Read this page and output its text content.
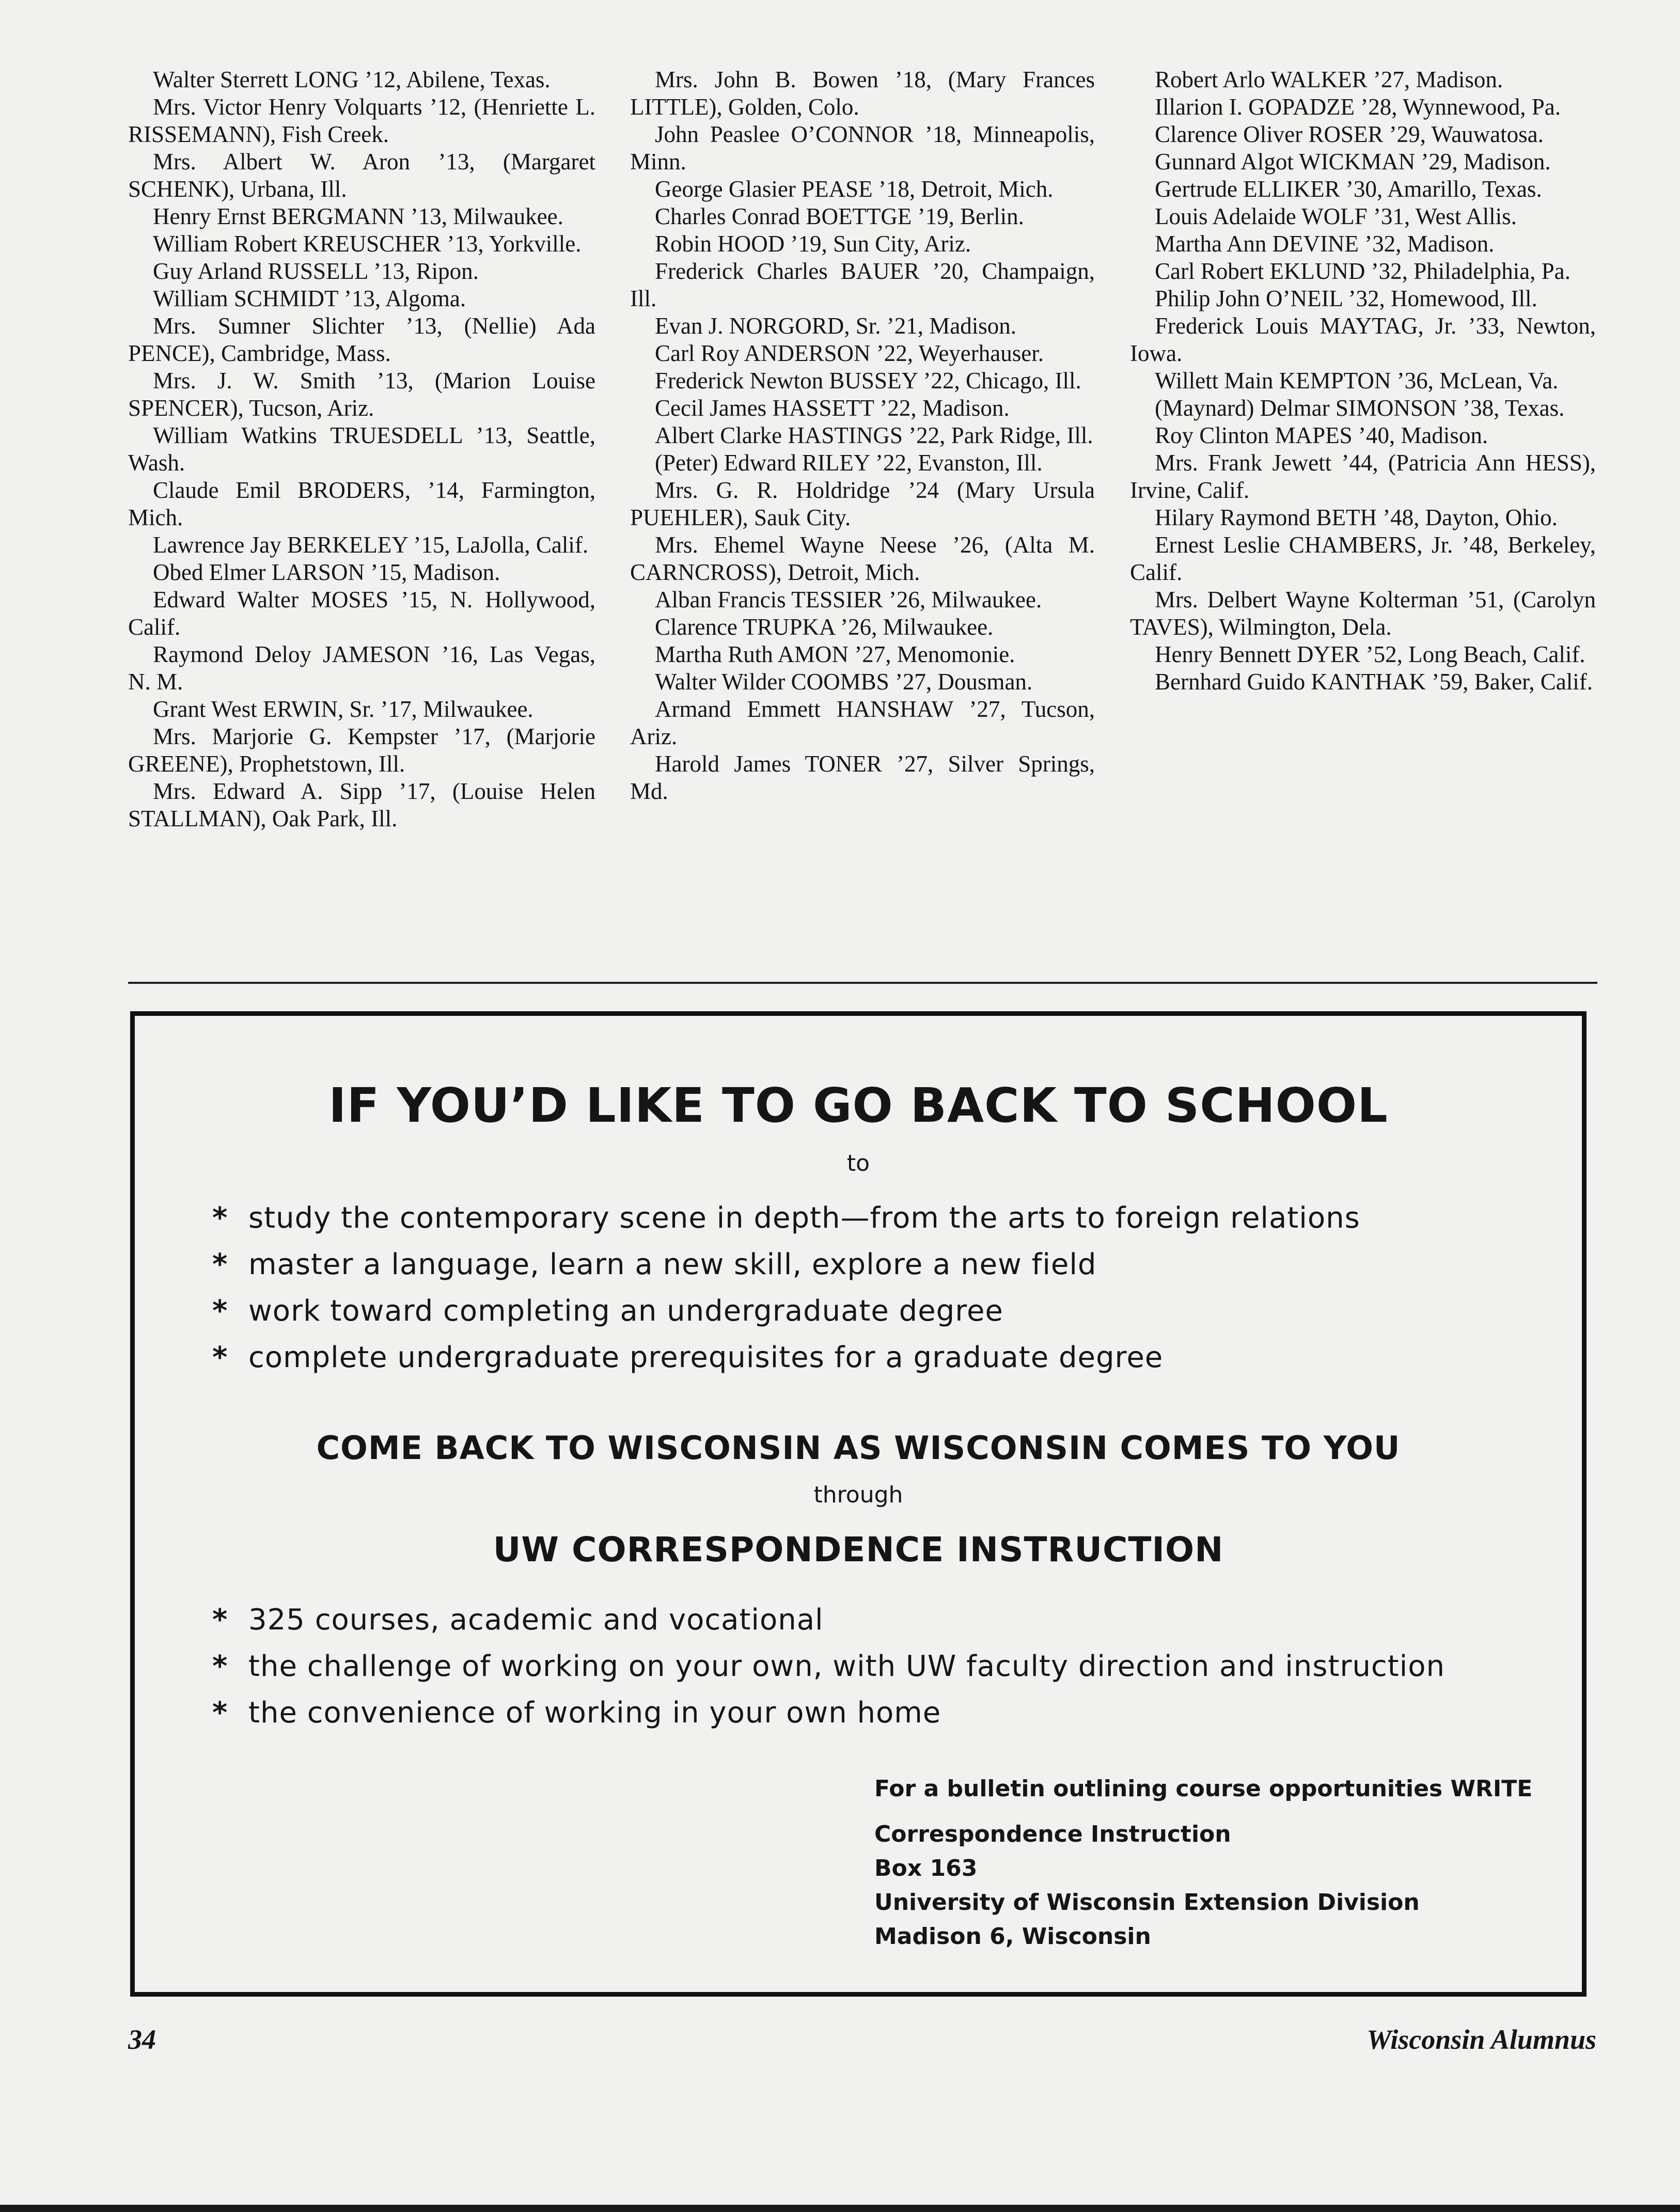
Walter Sterrett LONG ’12, Abilene, Texas.

Mrs. Victor Henry Volquarts ’12, (Henriette L. RISSEMANN), Fish Creek.

Mrs. Albert W. Aron ’13, (Margaret SCHENK), Urbana, Ill.

Henry Ernst BERGMANN ’13, Milwaukee.

William Robert KREUSCHER ’13, Yorkville.

Guy Arland RUSSELL ’13, Ripon.

William SCHMIDT ’13, Algoma.

Mrs. Sumner Slichter ’13, (Nellie) Ada PENCE), Cambridge, Mass.

Mrs. J. W. Smith ’13, (Marion Louise SPENCER), Tucson, Ariz.

William Watkins TRUESDELL ’13, Seattle, Wash.

Claude Emil BRODERS, ’14, Farmington, Mich.

Lawrence Jay BERKELEY ’15, LaJolla, Calif.

Obed Elmer LARSON ’15, Madison.

Edward Walter MOSES ’15, N. Hollywood, Calif.

Raymond Deloy JAMESON ’16, Las Vegas, N. M.

Grant West ERWIN, Sr. ’17, Milwaukee.

Mrs. Marjorie G. Kempster ’17, (Marjorie GREENE), Prophetstown, Ill.

Mrs. Edward A. Sipp ’17, (Louise Helen STALLMAN), Oak Park, Ill.

Mrs. John B. Bowen ’18, (Mary Frances LITTLE), Golden, Colo.

John Peaslee O’CONNOR ’18, Minneapolis, Minn.

George Glasier PEASE ’18, Detroit, Mich.

Charles Conrad BOETTGE ’19, Berlin.

Robin HOOD ’19, Sun City, Ariz.

Frederick Charles BAUER ’20, Champaign, Ill.

Evan J. NORGORD, Sr. ’21, Madison.

Carl Roy ANDERSON ’22, Weyerhauser.

Frederick Newton BUSSEY ’22, Chicago, Ill.

Cecil James HASSETT ’22, Madison.

Albert Clarke HASTINGS ’22, Park Ridge, Ill.

(Peter) Edward RILEY ’22, Evanston, Ill.

Mrs. G. R. Holdridge ’24 (Mary Ursula PUEHLER), Sauk City.

Mrs. Ehemel Wayne Neese ’26, (Alta M. CARNCROSS), Detroit, Mich.

Alban Francis TESSIER ’26, Milwaukee.

Clarence TRUPKA ’26, Milwaukee.

Martha Ruth AMON ’27, Menomonie.

Walter Wilder COOMBS ’27, Dousman.

Armand Emmett HANSHAW ’27, Tucson, Ariz.

Harold James TONER ’27, Silver Springs, Md.

Robert Arlo WALKER ’27, Madison.

Illarion I. GOPADZE ’28, Wynnewood, Pa.

Clarence Oliver ROSER ’29, Wauwatosa.

Gunnard Algot WICKMAN ’29, Madison.

Gertrude ELLIKER ’30, Amarillo, Texas.

Louis Adelaide WOLF ’31, West Allis.

Martha Ann DEVINE ’32, Madison.

Carl Robert EKLUND ’32, Philadelphia, Pa.

Philip John O’NEIL ’32, Homewood, Ill.

Frederick Louis MAYTAG, Jr. ’33, Newton, Iowa.

Willett Main KEMPTON ’36, McLean, Va.

(Maynard) Delmar SIMONSON ’38, Texas.

Roy Clinton MAPES ’40, Madison.

Mrs. Frank Jewett ’44, (Patricia Ann HESS), Irvine, Calif.

Hilary Raymond BETH ’48, Dayton, Ohio.

Ernest Leslie CHAMBERS, Jr. ’48, Berkeley, Calif.

Mrs. Delbert Wayne Kolterman ’51, (Carolyn TAVES), Wilmington, Dela.

Henry Bennett DYER ’52, Long Beach, Calif.

Bernhard Guido KANTHAK ’59, Baker, Calif.

IF YOU’D LIKE TO GO BACK TO SCHOOL
to
* study the contemporary scene in depth—from the arts to foreign relations
* master a language, learn a new skill, explore a new field
* work toward completing an undergraduate degree
* complete undergraduate prerequisites for a graduate degree
COME BACK TO WISCONSIN AS WISCONSIN COMES TO YOU
through
UW CORRESPONDENCE INSTRUCTION
* 325 courses, academic and vocational
* the challenge of working on your own, with UW faculty direction and instruction
* the convenience of working in your own home
For a bulletin outlining course opportunities WRITE
Correspondence Instruction
Box 163
University of Wisconsin Extension Division
Madison 6, Wisconsin
34	Wisconsin Alumnus
